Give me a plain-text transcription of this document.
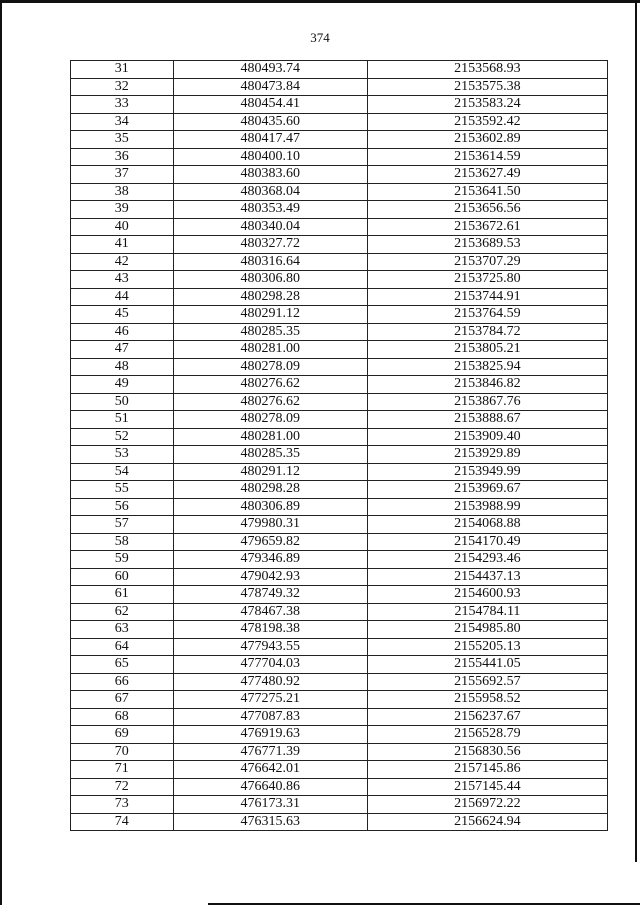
374
31	480493.74	2153568.93
32	480473.84	2153575.38
33	480454.41	2153583.24
34	480435.60	2153592.42
35	480417.47	2153602.89
36	480400.10	2153614.59
37	480383.60	2153627.49
38	480368.04	2153641.50
39	480353.49	2153656.56
40	480340.04	2153672.61
41	480327.72	2153689.53
42	480316.64	2153707.29
43	480306.80	2153725.80
44	480298.28	2153744.91
45	480291.12	2153764.59
46	480285.35	2153784.72
47	480281.00	2153805.21
48	480278.09	2153825.94
49	480276.62	2153846.82
50	480276.62	2153867.76
51	480278.09	2153888.67
52	480281.00	2153909.40
53	480285.35	2153929.89
54	480291.12	2153949.99
55	480298.28	2153969.67
56	480306.89	2153988.99
57	479980.31	2154068.88
58	479659.82	2154170.49
59	479346.89	2154293.46
60	479042.93	2154437.13
61	478749.32	2154600.93
62	478467.38	2154784.11
63	478198.38	2154985.80
64	477943.55	2155205.13
65	477704.03	2155441.05
66	477480.92	2155692.57
67	477275.21	2155958.52
68	477087.83	2156237.67
69	476919.63	2156528.79
70	476771.39	2156830.56
71	476642.01	2157145.86
72	476640.86	2157145.44
73	476173.31	2156972.22
74	476315.63	2156624.94
